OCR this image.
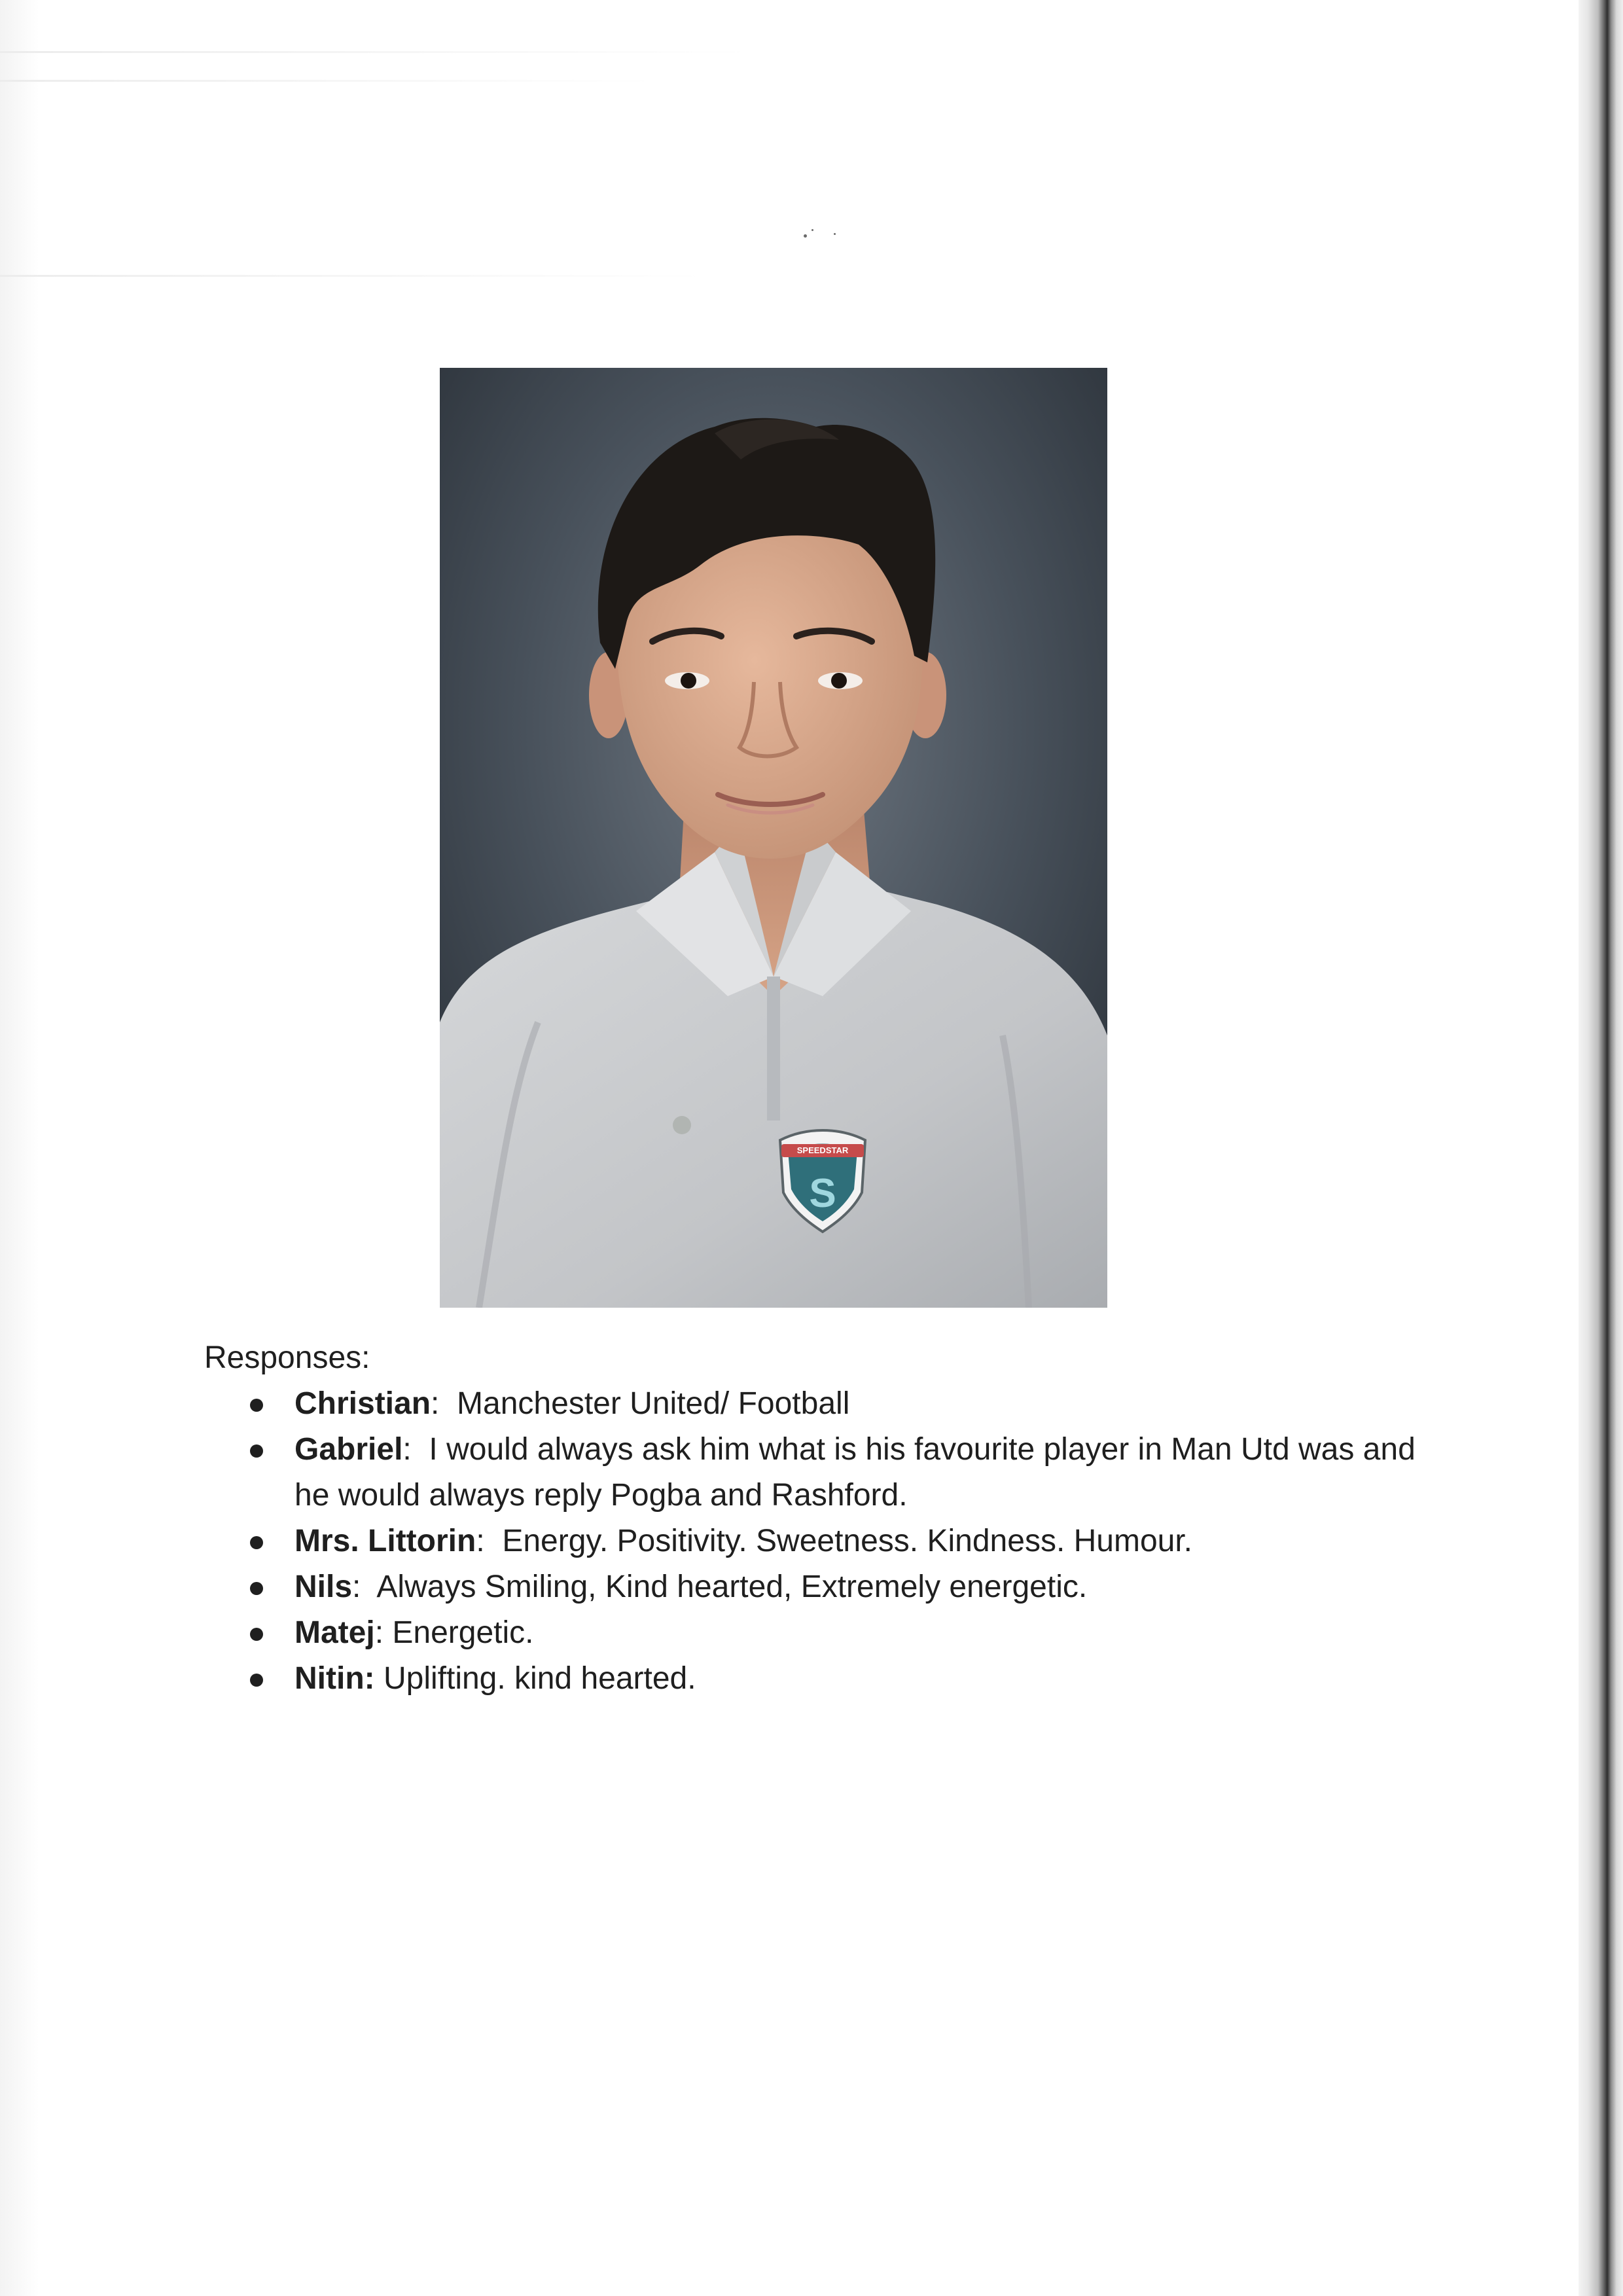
SPEEDSTAR
S
Responses:
Christian:  Manchester United/ Football
Gabriel:  I would always ask him what is his favourite player in Man Utd was and he would always reply Pogba and Rashford.
Mrs. Littorin:  Energy. Positivity. Sweetness. Kindness. Humour.
Nils:  Always Smiling, Kind hearted, Extremely energetic.
Matej: Energetic.
Nitin: Uplifting. kind hearted.
